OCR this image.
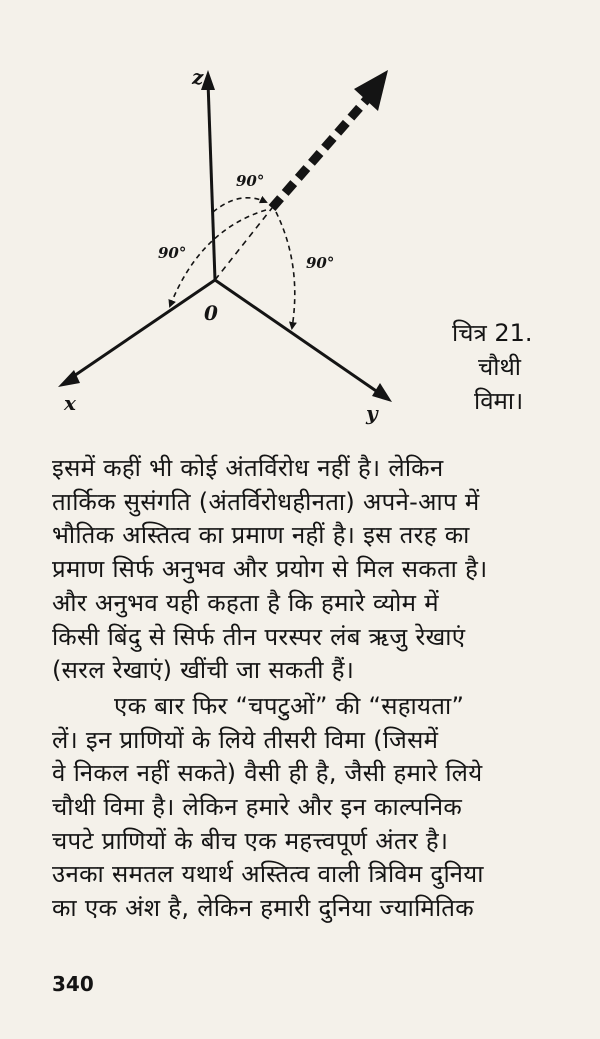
z
x	y
0
90°
90°
90°
चित्र 21.
चौथी
विमा।
इसमें कहीं भी कोई अंतर्विरोध नहीं है। लेकिन
तार्किक सुसंगति (अंतर्विरोधहीनता) अपने-आप में
भौतिक अस्तित्व का प्रमाण नहीं है। इस तरह का
प्रमाण सिर्फ अनुभव और प्रयोग से मिल सकता है।
और अनुभव यही कहता है कि हमारे व्योम में
किसी बिंदु से सिर्फ तीन परस्पर लंब ऋजु रेखाएं
(सरल रेखाएं) खींची जा सकती हैं।
एक बार फिर “चपटुओं” की “सहायता”
लें। इन प्राणियों के लिये तीसरी विमा (जिसमें
वे निकल नहीं सकते) वैसी ही है, जैसी हमारे लिये
चौथी विमा है। लेकिन हमारे और इन काल्पनिक
चपटे प्राणियों के बीच एक महत्त्वपूर्ण अंतर है।
उनका समतल यथार्थ अस्तित्व वाली त्रिविम दुनिया
का एक अंश है, लेकिन हमारी दुनिया ज्यामितिक
340
